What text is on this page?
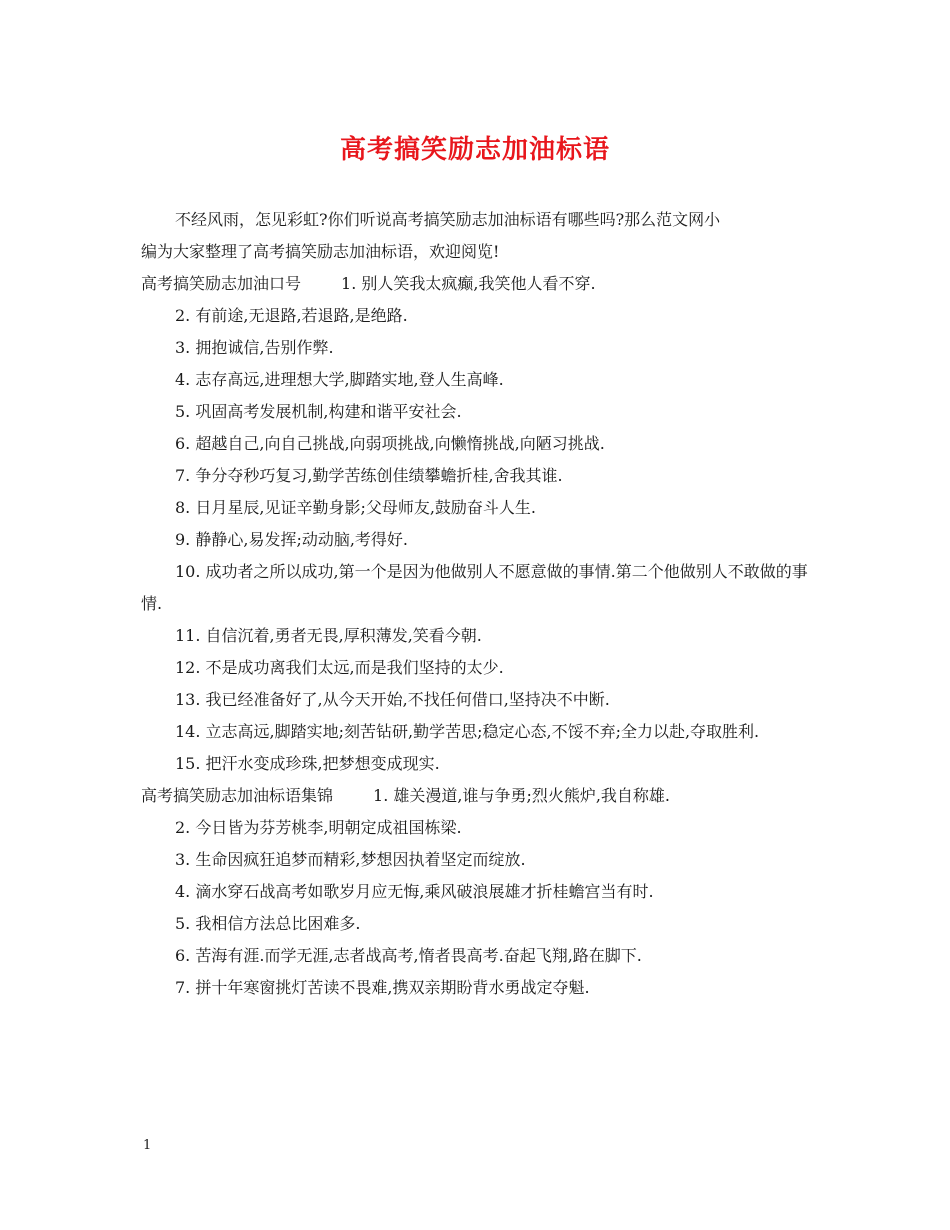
高考搞笑励志加油标语

不经风雨，怎见彩虹?你们听说高考搞笑励志加油标语有哪些吗?那么范文网小
编为大家整理了高考搞笑励志加油标语，欢迎阅览!

高考搞笑励志加油口号	1. 别人笑我太疯癫,我笑他人看不穿.

2. 有前途,无退路,若退路,是绝路.

3. 拥抱诚信,告别作弊.

4. 志存高远,进理想大学,脚踏实地,登人生高峰.

5. 巩固高考发展机制,构建和谐平安社会.

6. 超越自己,向自己挑战,向弱项挑战,向懒惰挑战,向陋习挑战.

7. 争分夺秒巧复习,勤学苦练创佳绩攀蟾折桂,舍我其谁.

8. 日月星辰,见证辛勤身影;父母师友,鼓励奋斗人生.

9. 静静心,易发挥;动动脑,考得好.

10. 成功者之所以成功,第一个是因为他做别人不愿意做的事情.第二个他做别人不敢做的事情.

11. 自信沉着,勇者无畏,厚积薄发,笑看今朝.

12. 不是成功离我们太远,而是我们坚持的太少.

13. 我已经准备好了,从今天开始,不找任何借口,坚持决不中断.

14. 立志高远,脚踏实地;刻苦钻研,勤学苦思;稳定心态,不馁不弃;全力以赴,夺取胜利.

15. 把汗水变成珍珠,把梦想变成现实.

高考搞笑励志加油标语集锦	1. 雄关漫道,谁与争勇;烈火熊炉,我自称雄.

2. 今日皆为芬芳桃李,明朝定成祖国栋梁.

3. 生命因疯狂追梦而精彩,梦想因执着坚定而绽放.

4. 滴水穿石战高考如歌岁月应无悔,乘风破浪展雄才折桂蟾宫当有时.

5. 我相信方法总比困难多.

6. 苦海有涯.而学无涯,志者战高考,惰者畏高考.奋起飞翔,路在脚下.

7. 拼十年寒窗挑灯苦读不畏难,携双亲期盼背水勇战定夺魁.

1
